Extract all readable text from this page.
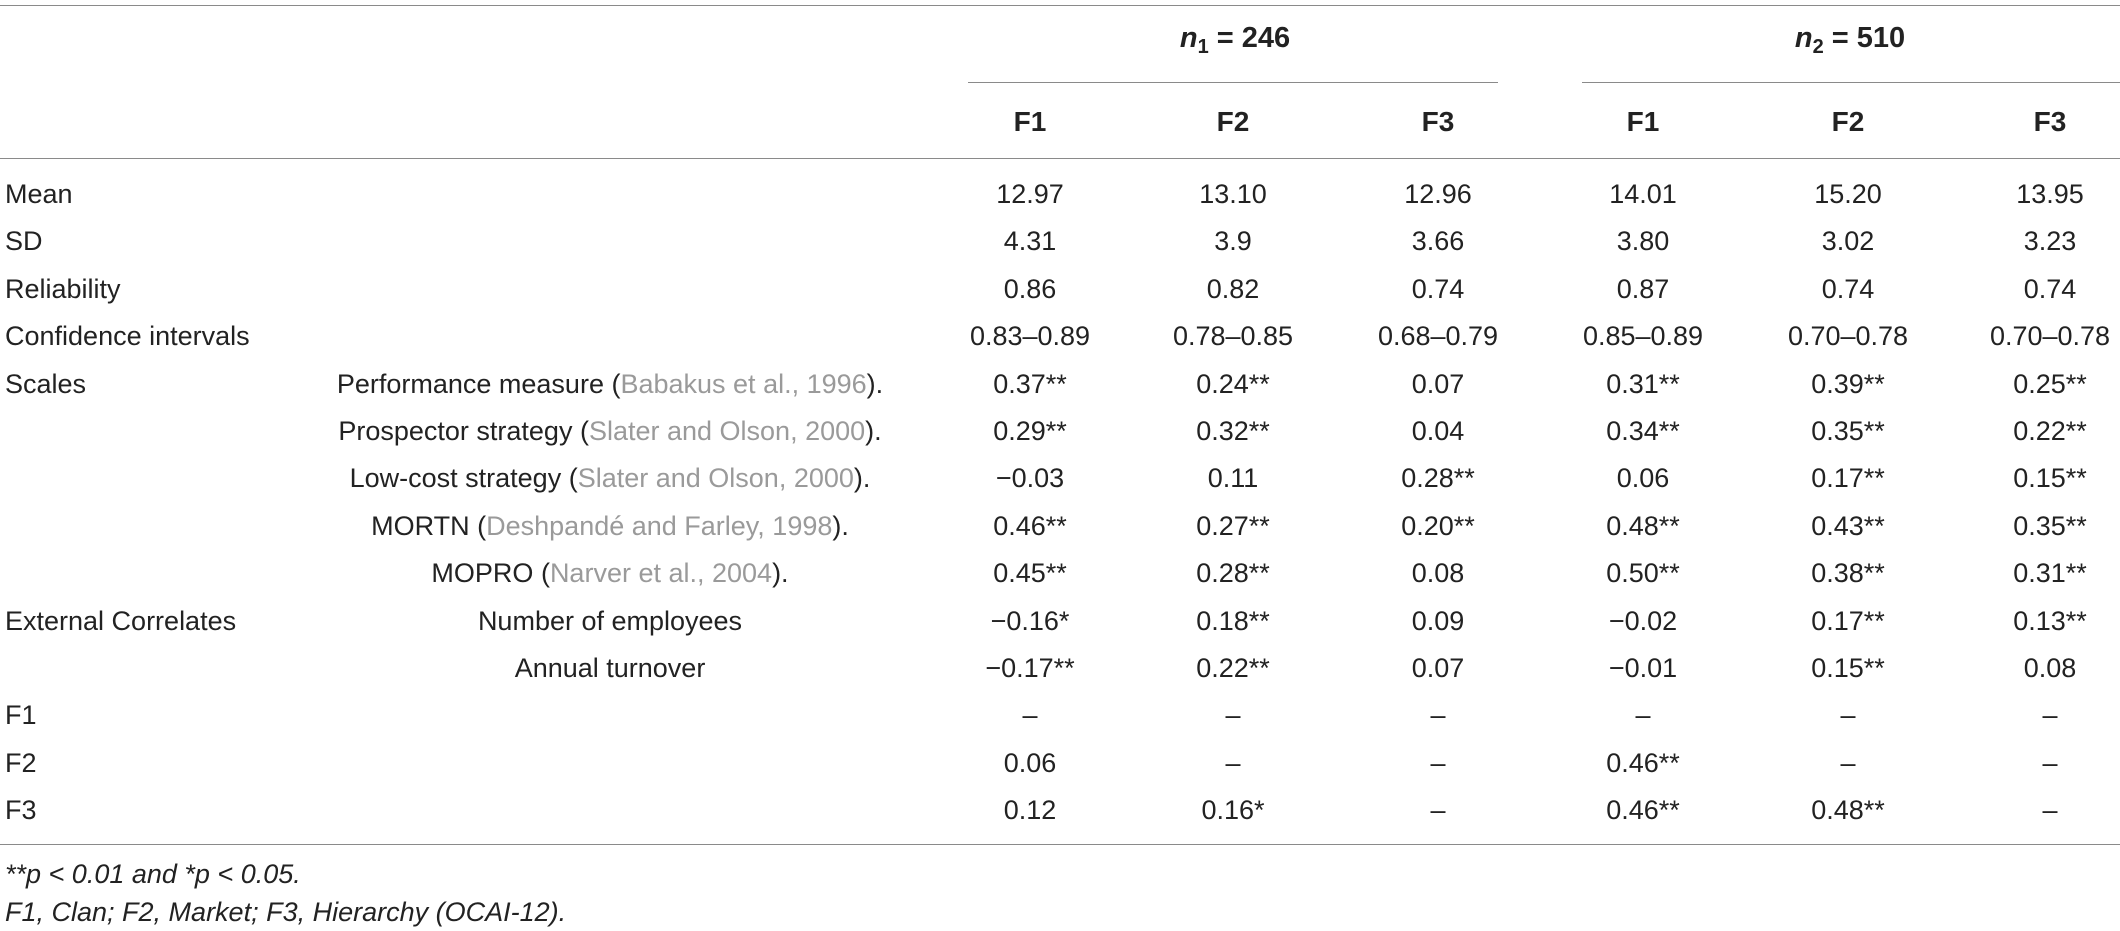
$n_1 = 246$	$n_2 = 510$
F1	F2	F3	F1	F2	F3
Mean	12.97	13.10	12.96	14.01	15.20	13.95
SD	4.31	3.9	3.66	3.80	3.02	3.23
Reliability	0.86	0.82	0.74	0.87	0.74	0.74
Confidence intervals	0.83–0.89	0.78–0.85	0.68–0.79	0.85–0.89	0.70–0.78	0.70–0.78
Scales	Performance measure (Babakus et al., 1996).	0.37**	0.24**	0.07	0.31**	0.39**	0.25**
Prospector strategy (Slater and Olson, 2000).	0.29**	0.32**	0.04	0.34**	0.35**	0.22**
Low-cost strategy (Slater and Olson, 2000).	−0.03	0.11	0.28**	0.06	0.17**	0.15**
MORTN (Deshpandé and Farley, 1998).	0.46**	0.27**	0.20**	0.48**	0.43**	0.35**
MOPRO (Narver et al., 2004).	0.45**	0.28**	0.08	0.50**	0.38**	0.31**
External Correlates	Number of employees	−0.16*	0.18**	0.09	−0.02	0.17**	0.13**
Annual turnover	−0.17**	0.22**	0.07	−0.01	0.15**	0.08
F1	–	–	–	–	–	–
F2	0.06	–	–	0.46**	–	–
F3	0.12	0.16*	–	0.46**	0.48**	–
**p < 0.01 and *p < 0.05.
F1, Clan; F2, Market; F3, Hierarchy (OCAI-12).
